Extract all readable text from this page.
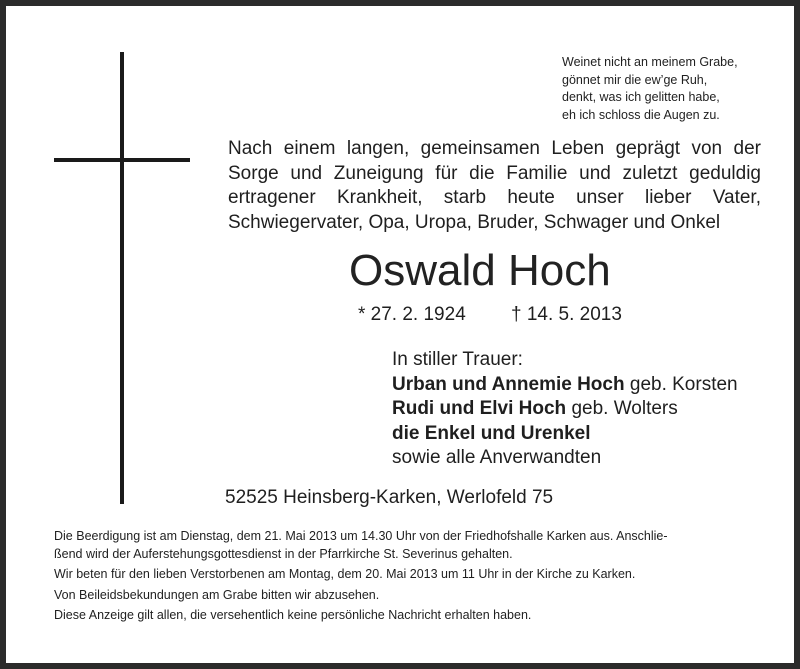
Weinet nicht an meinem Grabe,
gönnet mir die ew’ge Ruh,
denkt, was ich gelitten habe,
eh ich schloss die Augen zu.
Nach einem langen, gemeinsamen Leben geprägt von der Sorge und Zuneigung für die Familie und zuletzt geduldig ertragener Krankheit, starb heute unser lieber Vater, Schwiegervater, Opa, Uropa, Bruder, Schwager und Onkel
Oswald Hoch
* 27. 2. 1924 † 14. 5. 2013
In stiller Trauer:
Urban und Annemie Hoch geb. Korsten
Rudi und Elvi Hoch geb. Wolters
die Enkel und Urenkel
sowie alle Anverwandten
52525 Heinsberg-Karken, Werlofeld 75

Die Beerdigung ist am Dienstag, dem 21. Mai 2013 um 14.30 Uhr von der Friedhofshalle Karken aus. Anschlie-
ßend wird der Auferstehungsgottesdienst in der Pfarrkirche St. Severinus gehalten.

Wir beten für den lieben Verstorbenen am Montag, dem 20. Mai 2013 um 11 Uhr in der Kirche zu Karken.

Von Beileidsbekundungen am Grabe bitten wir abzusehen.

Diese Anzeige gilt allen, die versehentlich keine persönliche Nachricht erhalten haben.
